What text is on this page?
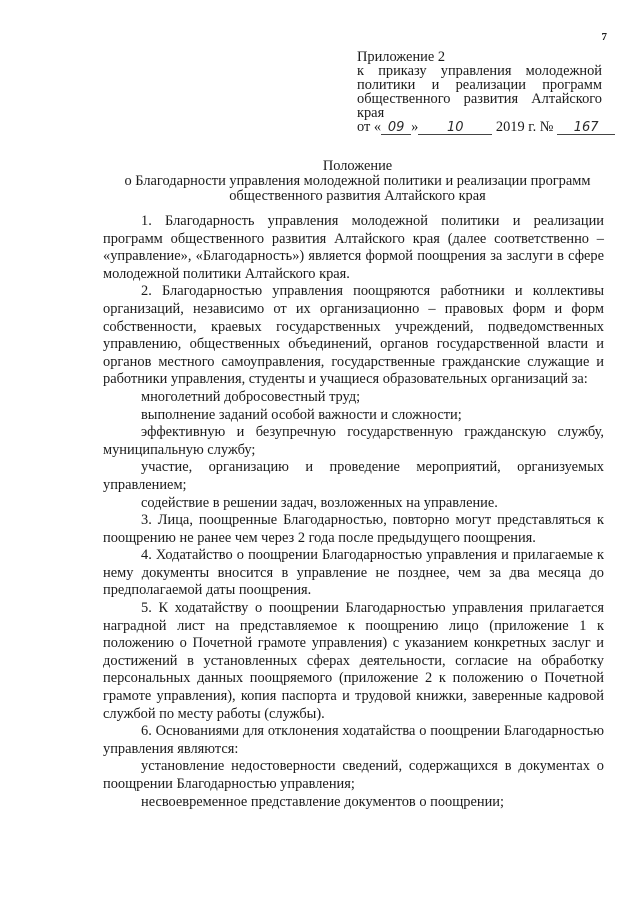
7
Приложение 2
к приказу управления молодежной
политики и реализации программ
общественного развития Алтайского
края
от « 09 » 10 2019 г. № 167
Положение
о Благодарности управления молодежной политики и реализации программ
общественного развития Алтайского края

1. Благодарность управления молодежной политики и реализации программ общественного развития Алтайского края (далее соответственно – «управление», «Благодарность») является формой поощрения за заслуги в сфере молодежной политики Алтайского края.

2. Благодарностью управления поощряются работники и коллективы организаций, независимо от их организационно – правовых форм и форм собственности, краевых государственных учреждений, подведомственных управлению, общественных объединений, органов государственной власти и органов местного самоуправления, государственные гражданские служащие и работники управления, студенты и учащиеся образовательных организаций за:

многолетний добросовестный труд;

выполнение заданий особой важности и сложности;

эффективную и безупречную государственную гражданскую службу, муниципальную службу;

участие, организацию и проведение мероприятий, организуемых управлением;

содействие в решении задач, возложенных на управление.

3. Лица, поощренные Благодарностью, повторно могут представляться к поощрению не ранее чем через 2 года после предыдущего поощрения.

4. Ходатайство о поощрении Благодарностью управления и прилагаемые к нему документы вносится в управление не позднее, чем за два месяца до предполагаемой даты поощрения.

5. К ходатайству о поощрении Благодарностью управления прилагается наградной лист на представляемое к поощрению лицо (приложение 1 к положению о Почетной грамоте управления) с указанием конкретных заслуг и достижений в установленных сферах деятельности, согласие на обработку персональных данных поощряемого (приложение 2 к положению о Почетной грамоте управления), копия паспорта и трудовой книжки, заверенные кадровой службой по месту работы (службы).

6. Основаниями для отклонения ходатайства о поощрении Благодарностью управления являются:

установление недостоверности сведений, содержащихся в документах о поощрении Благодарностью управления;

несвоевременное представление документов о поощрении;
